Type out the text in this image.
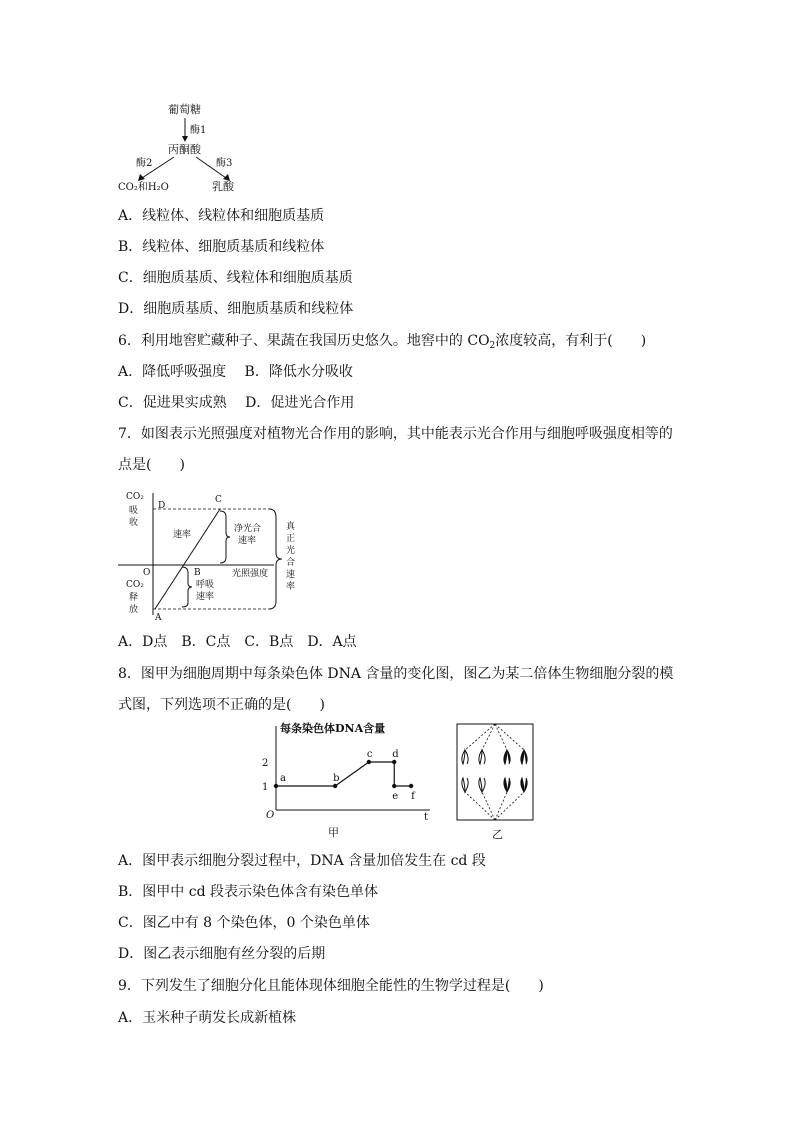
葡萄糖
酶1
丙酮酸
酶2	酶3
CO₂和H₂O	乳酸
A．线粒体、线粒体和细胞质基质
B．线粒体、细胞质基质和线粒体
C．细胞质基质、线粒体和细胞质基质
D．细胞质基质、细胞质基质和线粒体
6．利用地窖贮藏种子、果蔬在我国历史悠久。地窖中的 $CO_2$浓度较高，有利于(　　)
A．降低呼吸强度　 B．降低水分吸收
C．促进果实成熟　 D．促进光合作用
7．如图表示光照强度对植物光合作用的影响，其中能表示光合作用与细胞呼吸强度相等的
点是(　　)
CO₂
吸
收
D
C
速率
净光合
速率
O	B	光照强度
呼吸
速率
CO₂
释
放
A
真
正
光
合
速
率
A．D点　B．C点　C．B点　D．A点
8．图甲为细胞周期中每条染色体 DNA 含量的变化图，图乙为某二倍体生物细胞分裂的模
式图，下列选项不正确的是(　　)
每条染色体DNA含量
O	t
甲
1
2
a	b
c d
e f
乙
A．图甲表示细胞分裂过程中，DNA 含量加倍发生在 cd 段
B．图甲中 cd 段表示染色体含有染色单体
C．图乙中有 8 个染色体，0 个染色单体
D．图乙表示细胞有丝分裂的后期
9．下列发生了细胞分化且能体现体细胞全能性的生物学过程是(　　)
A．玉米种子萌发长成新植株
